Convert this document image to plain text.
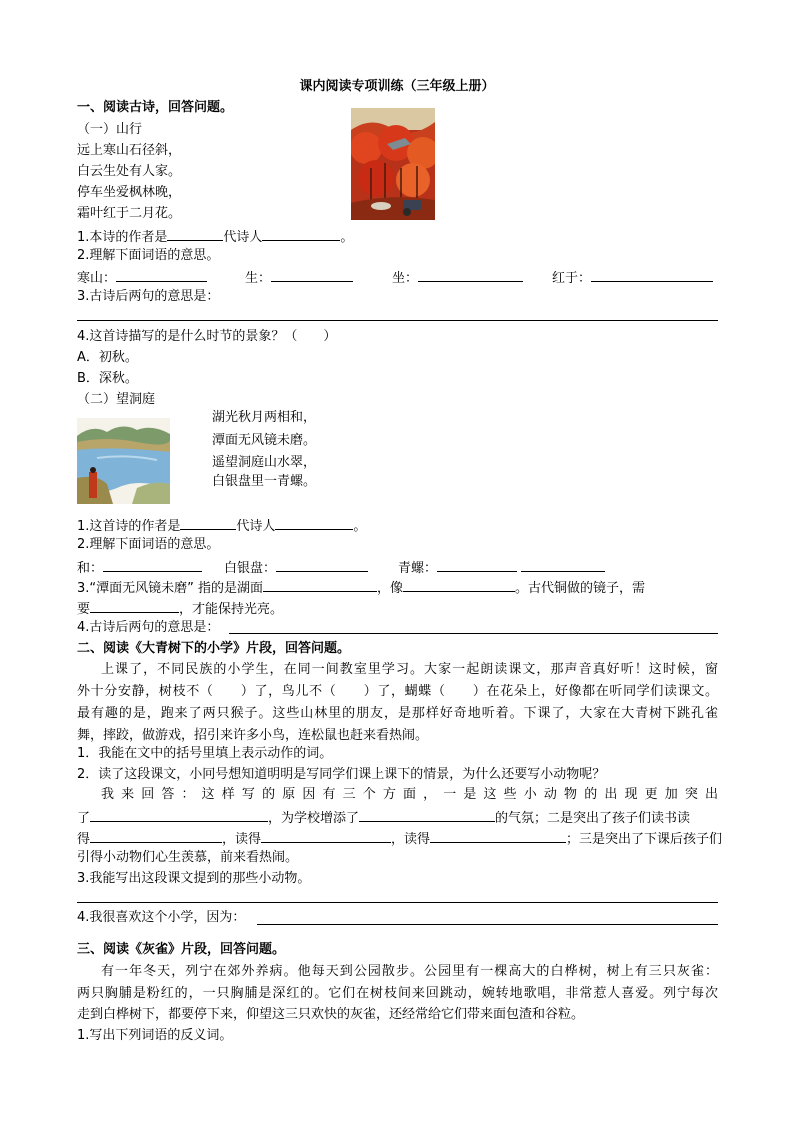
课内阅读专项训练（三年级上册）
一、阅读古诗，回答问题。
（一）山行
远上寒山石径斜，
白云生处有人家。
停车坐爱枫林晚，
霜叶红于二月花。
1.本诗的作者是	代诗人	。
2.理解下面词语的意思。
寒山：	生：	坐：	红于：
3.古诗后两句的意思是：
4.这首诗描写的是什么时节的景象？（　　）
A．初秋。
B．深秋。
（二）望洞庭
湖光秋月两相和，
潭面无风镜未磨。
遥望洞庭山水翠，
白银盘里一青螺。
1.这首诗的作者是	代诗人	。
2.理解下面词语的意思。
和：	白银盘：	青螺：
3.“潭面无风镜未磨” 指的是湖面	，像	。古代铜做的镜子，需
要	，才能保持光亮。
4.古诗后两句的意思是：
二、阅读《大青树下的小学》片段，回答问题。
上课了，不同民族的小学生，在同一间教室里学习。大家一起朗读课文，那声音真好听！这时候，窗
外十分安静，树枝不（　　）了，鸟儿不（　　）了，蝴蝶（　　）在花朵上，好像都在听同学们读课文。
最有趣的是，跑来了两只猴子。这些山林里的朋友，是那样好奇地听着。下课了，大家在大青树下跳孔雀
舞，摔跤，做游戏，招引来许多小鸟，连松鼠也赶来看热闹。
1．我能在文中的括号里填上表示动作的词。
2．读了这段课文，小冋号想知道明明是写同学们课上课下的情景，为什么还要写小动物呢？
我来回答：这样写的原因有三个方面，一是这些小动物的出现更加突出
了	，为学校增添了	的气氛；二是突出了孩子们读书读
得	，读得	，读得	；三是突出了下课后孩子们
引得小动物们心生羡慕，前来看热闹。
3.我能写出这段课文提到的那些小动物。
4.我很喜欢这个小学，因为：
三、阅读《灰雀》片段，回答问题。
有一年冬天，列宁在郊外养病。他每天到公园散步。公园里有一棵高大的白桦树，树上有三只灰雀：
两只胸脯是粉红的，一只胸脯是深红的。它们在树枝间来回跳动，婉转地歌唱，非常惹人喜爱。列宁每次
走到白桦树下，都要停下来，仰望这三只欢快的灰雀，还经常给它们带来面包渣和谷粒。
1.写出下列词语的反义词。
